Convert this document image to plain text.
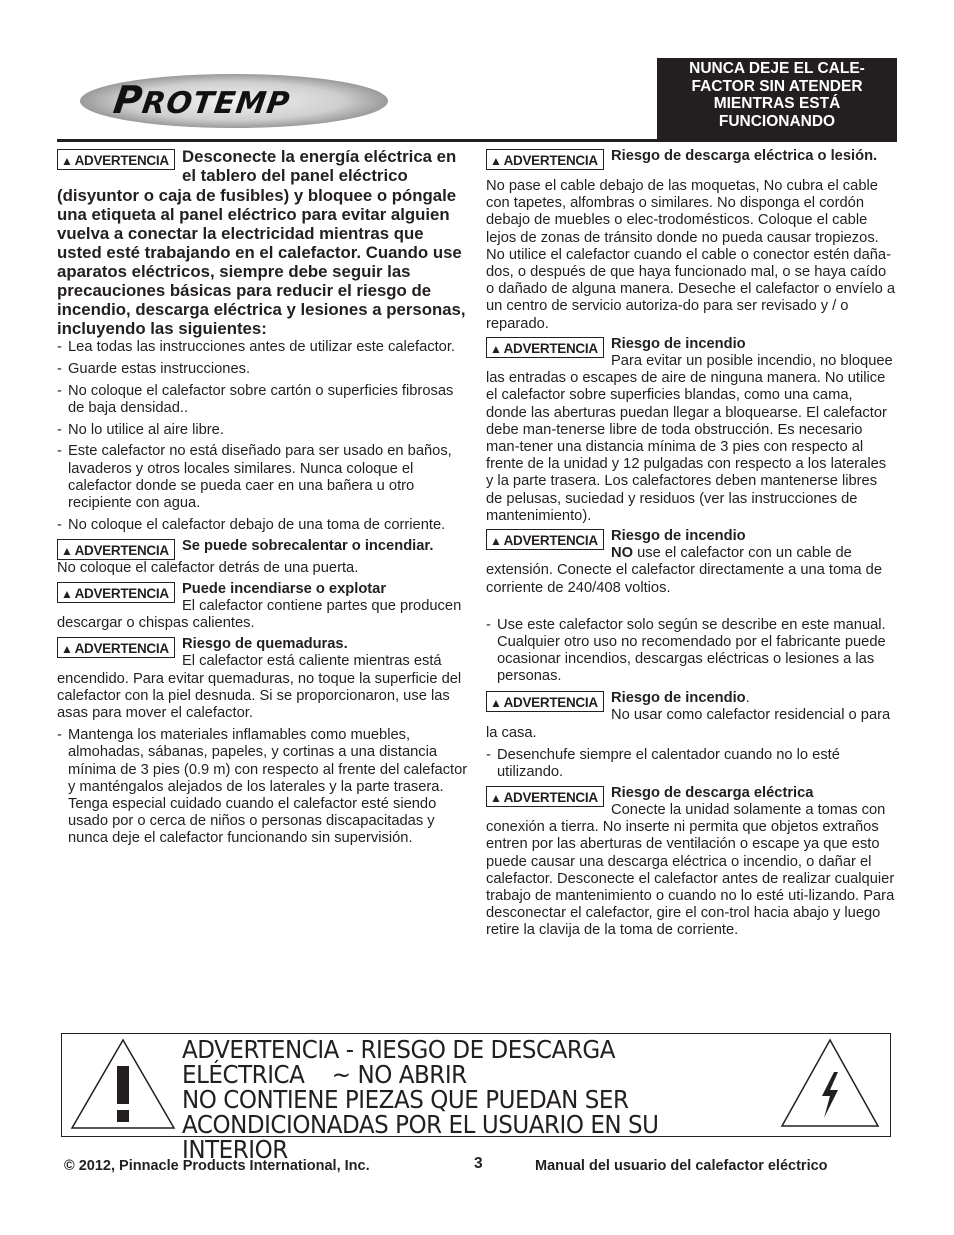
PROTEMP
NUNCA DEJE EL CALE-
FACTOR SIN ATENDER
MIENTRAS ESTÁ
FUNCIONANDO
▲ ADVERTENCIA Desconecte la energía eléctrica en el tablero del panel eléctrico
(disyuntor o caja de fusibles) y bloquee o póngale una etiqueta al panel eléctrico para evitar alguien vuelva a conectar la electricidad mientras que usted esté trabajando en el calefactor. Cuando use aparatos eléctricos, siempre debe seguir las precauciones básicas para reducir el riesgo de incendio, descarga eléctrica y lesiones a personas, incluyendo las siguientes:
- Lea todas las instrucciones antes de utilizar este calefactor.
- Guarde estas instrucciones.
- No coloque el calefactor sobre cartón o superficies fibrosas de baja densidad..
- No lo utilice al aire libre.
- Este calefactor no está diseñado para ser usado en baños, lavaderos y otros locales similares. Nunca coloque el calefactor donde se pueda caer en una bañera u otro recipiente con agua.
- No coloque el calefactor debajo de una toma de corriente.
▲ ADVERTENCIA Se puede sobrecalentar o incendiar.
No coloque el calefactor detrás de una puerta.
▲ ADVERTENCIA Puede incendiarse o explotar
El calefactor contiene partes que producen descargar o chispas calientes.
▲ ADVERTENCIA Riesgo de quemaduras.
El calefactor está caliente mientras está encendido. Para evitar quemaduras, no toque la superficie del calefactor con la piel desnuda. Si se proporcionaron, use las asas para mover el calefactor.
- Mantenga los materiales inflamables como muebles, almohadas, sábanas, papeles, y cortinas a una distancia mínima de 3 pies (0.9 m) con respecto al frente del calefactor y manténgalos alejados de los laterales y la parte trasera. Tenga especial cuidado cuando el calefactor esté siendo usado por o cerca de niños o personas discapacitadas y nunca deje el calefactor funcionando sin supervisión.
▲ ADVERTENCIA Riesgo de descarga eléctrica o lesión.
No pase el cable debajo de las moquetas, No cubra el cable con tapetes, alfombras o similares. No disponga el cordón debajo de muebles o elec-trodomésticos. Coloque el cable lejos de zonas de tránsito donde no pueda causar tropiezos. No utilice el calefactor cuando el cable o conector estén daña-dos, o después de que haya funcionado mal, o se haya caído o dañado de alguna manera. Deseche el calefactor o envíelo a un centro de servicio autoriza-do para ser revisado y / o reparado.
▲ ADVERTENCIA Riesgo de incendio
Para evitar un posible incendio, no bloquee las entradas o escapes de aire de ninguna manera. No utilice el calefactor sobre superficies blandas, como una cama, donde las aberturas puedan llegar a bloquearse. El calefactor debe man-tenerse libre de toda obstrucción. Es necesario man-tener una distancia mínima de 3 pies con respecto al frente de la unidad y 12 pulgadas con respecto a los laterales y la parte trasera. Los calefactores deben mantenerse libres de pelusas, suciedad y residuos (ver las instrucciones de mantenimiento).
▲ ADVERTENCIA Riesgo de incendio
NO use el calefactor con un cable de extensión. Conecte el calefactor directamente a una toma de corriente de 240/408 voltios.
- Use este calefactor solo según se describe en este manual. Cualquier otro uso no recomendado por el fabricante puede ocasionar incendios, descargas eléctricas o lesiones a las personas.
▲ ADVERTENCIA Riesgo de incendio.
No usar como calefactor residencial o para la casa.
- Desenchufe siempre el calentador cuando no lo esté utilizando.
▲ ADVERTENCIA Riesgo de descarga eléctrica
Conecte la unidad solamente a tomas con conexión a tierra. No inserte ni permita que objetos extraños entren por las aberturas de ventilación o escape ya que esto puede causar una descarga eléctrica o incendio, o dañar el calefactor. Desconecte el calefactor antes de realizar cualquier trabajo de mantenimiento o cuando no lo esté uti-lizando. Para desconectar el calefactor, gire el con-trol hacia abajo y luego retire la clavija de la toma de corriente.
ADVERTENCIA - RIESGO DE DESCARGA
ELÉCTRICA    ~ NO ABRIR
NO CONTIENE PIEZAS QUE PUEDAN SER
ACONDICIONADAS POR EL USUARIO EN SU INTERIOR
© 2012, Pinnacle Products International, Inc.	3	Manual del usuario del calefactor eléctrico
